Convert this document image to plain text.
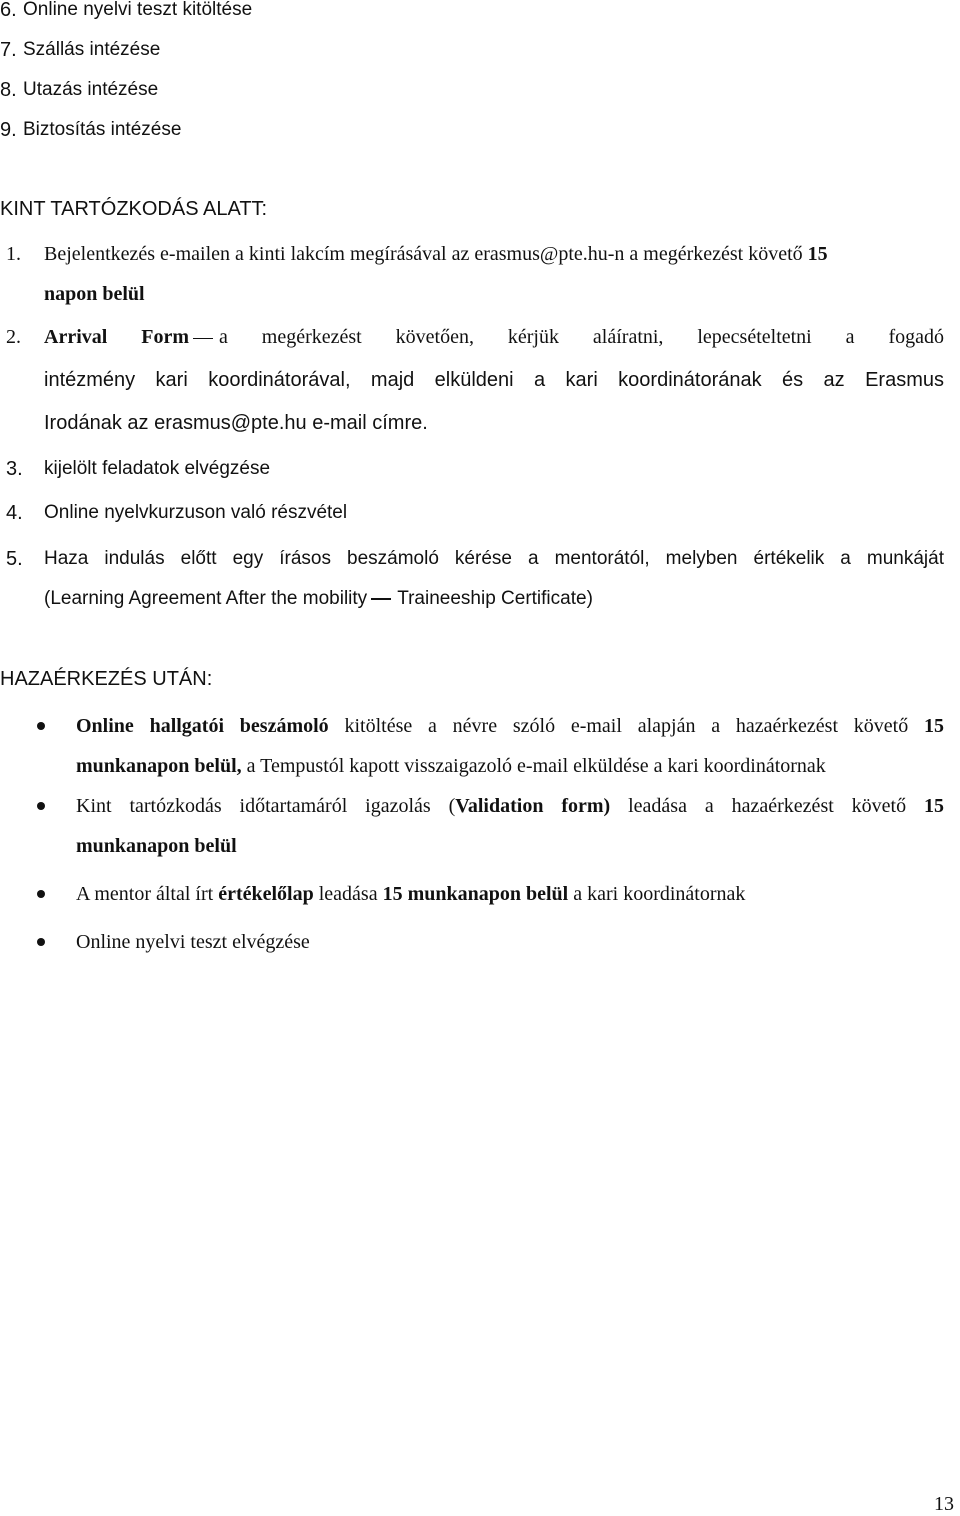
6. Online nyelvi teszt kitöltése
7. Szállás intézése
8. Utazás intézése
9. Biztosítás intézése
KINT TARTÓZKODÁS ALATT:
1. Bejelentkezés e-mailen a kinti lakcím megírásával az erasmus@pte.hu-n a megérkezést követő 15
napon belül
2. Arrival Form a megérkezést követően, kérjük aláíratni, lepecsételtetni a fogadó
intézmény kari koordinátorával, majd elküldeni a kari koordinátorának és az Erasmus
Irodának az erasmus@pte.hu e-mail címre.
3. kijelölt feladatok elvégzése
4. Online nyelvkurzuson való részvétel
5. Haza indulás előtt egy írásos beszámoló kérése a mentorától, melyben értékelik a munkáját
(Learning Agreement After the mobility Traineeship Certificate)
HAZAÉRKEZÉS UTÁN:
Online hallgatói beszámoló kitöltése a névre szóló e-mail alapján a hazaérkezést követő 15
munkanapon belül, a Tempustól kapott visszaigazoló e-mail elküldése a kari koordinátornak
Kint tartózkodás időtartamáról igazolás (Validation form) leadása a hazaérkezést követő 15
munkanapon belül
A mentor által írt értékelőlap leadása 15 munkanapon belül a kari koordinátornak
Online nyelvi teszt elvégzése
13
